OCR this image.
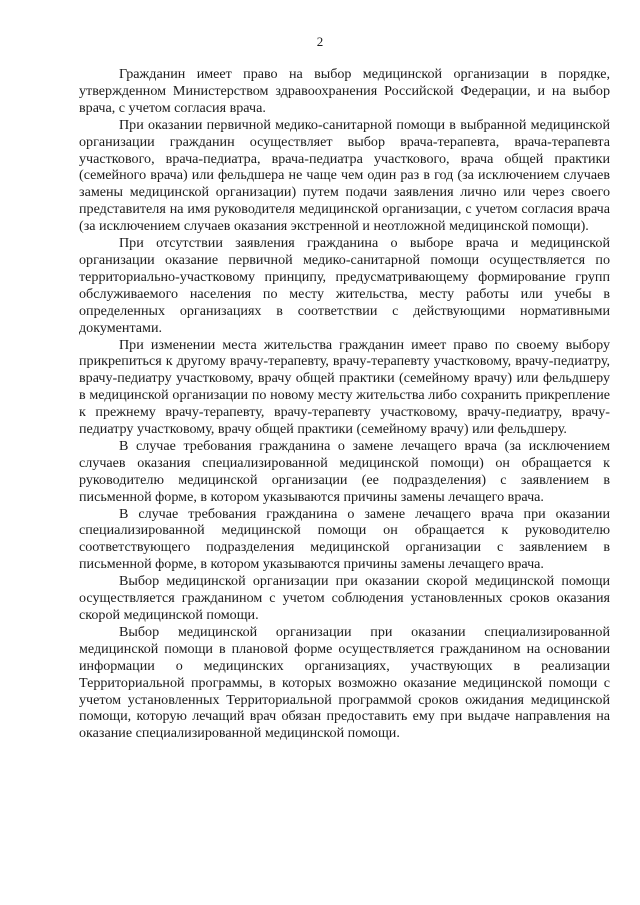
2

Гражданин имеет право на выбор медицинской организации в порядке, утвержденном Министерством здравоохранения Российской Федерации, и на выбор врача, с учетом согласия врача.

При оказании первичной медико-санитарной помощи в выбранной медицинской организации гражданин осуществляет выбор врача-терапевта, врача-терапевта участкового, врача-педиатра, врача-педиатра участкового, врача общей практики (семейного врача) или фельдшера не чаще чем один раз в год (за исключением случаев замены медицинской организации) путем подачи заявления лично или через своего представителя на имя руководителя медицинской организации, с учетом согласия врача (за исключением случаев оказания экстренной и неотложной медицинской помощи).

При отсутствии заявления гражданина о выборе врача и медицинской организации оказание первичной медико-санитарной помощи осуществляется по территориально-участковому принципу, предусматривающему формирование групп обслуживаемого населения по месту жительства, месту работы или учебы в определенных организациях в соответствии с действующими нормативными документами.

При изменении места жительства гражданин имеет право по своему выбору прикрепиться к другому врачу-терапевту, врачу-терапевту участковому, врачу-педиатру, врачу-педиатру участковому, врачу общей практики (семейному врачу) или фельдшеру в медицинской организации по новому месту жительства либо сохранить прикрепление к прежнему врачу-терапевту, врачу-терапевту участковому, врачу-педиатру, врачу-педиатру участковому, врачу общей практики (семейному врачу) или фельдшеру.

В случае требования гражданина о замене лечащего врача (за исключением случаев оказания специализированной медицинской помощи) он обращается к руководителю медицинской организации (ее подразделения) с заявлением в письменной форме, в котором указываются причины замены лечащего врача.

В случае требования гражданина о замене лечащего врача при оказании специализированной медицинской помощи он обращается к руководителю соответствующего подразделения медицинской организации с заявлением в письменной форме, в котором указываются причины замены лечащего врача.

Выбор медицинской организации при оказании скорой медицинской помощи осуществляется гражданином с учетом соблюдения установленных сроков оказания скорой медицинской помощи.

Выбор медицинской организации при оказании специализированной медицинской помощи в плановой форме осуществляется гражданином на основании информации о медицинских организациях, участвующих в реализации Территориальной программы, в которых возможно оказание медицинской помощи с учетом установленных Территориальной программой сроков ожидания медицинской помощи, которую лечащий врач обязан предоставить ему при выдаче направления на оказание специализированной медицинской помощи.
